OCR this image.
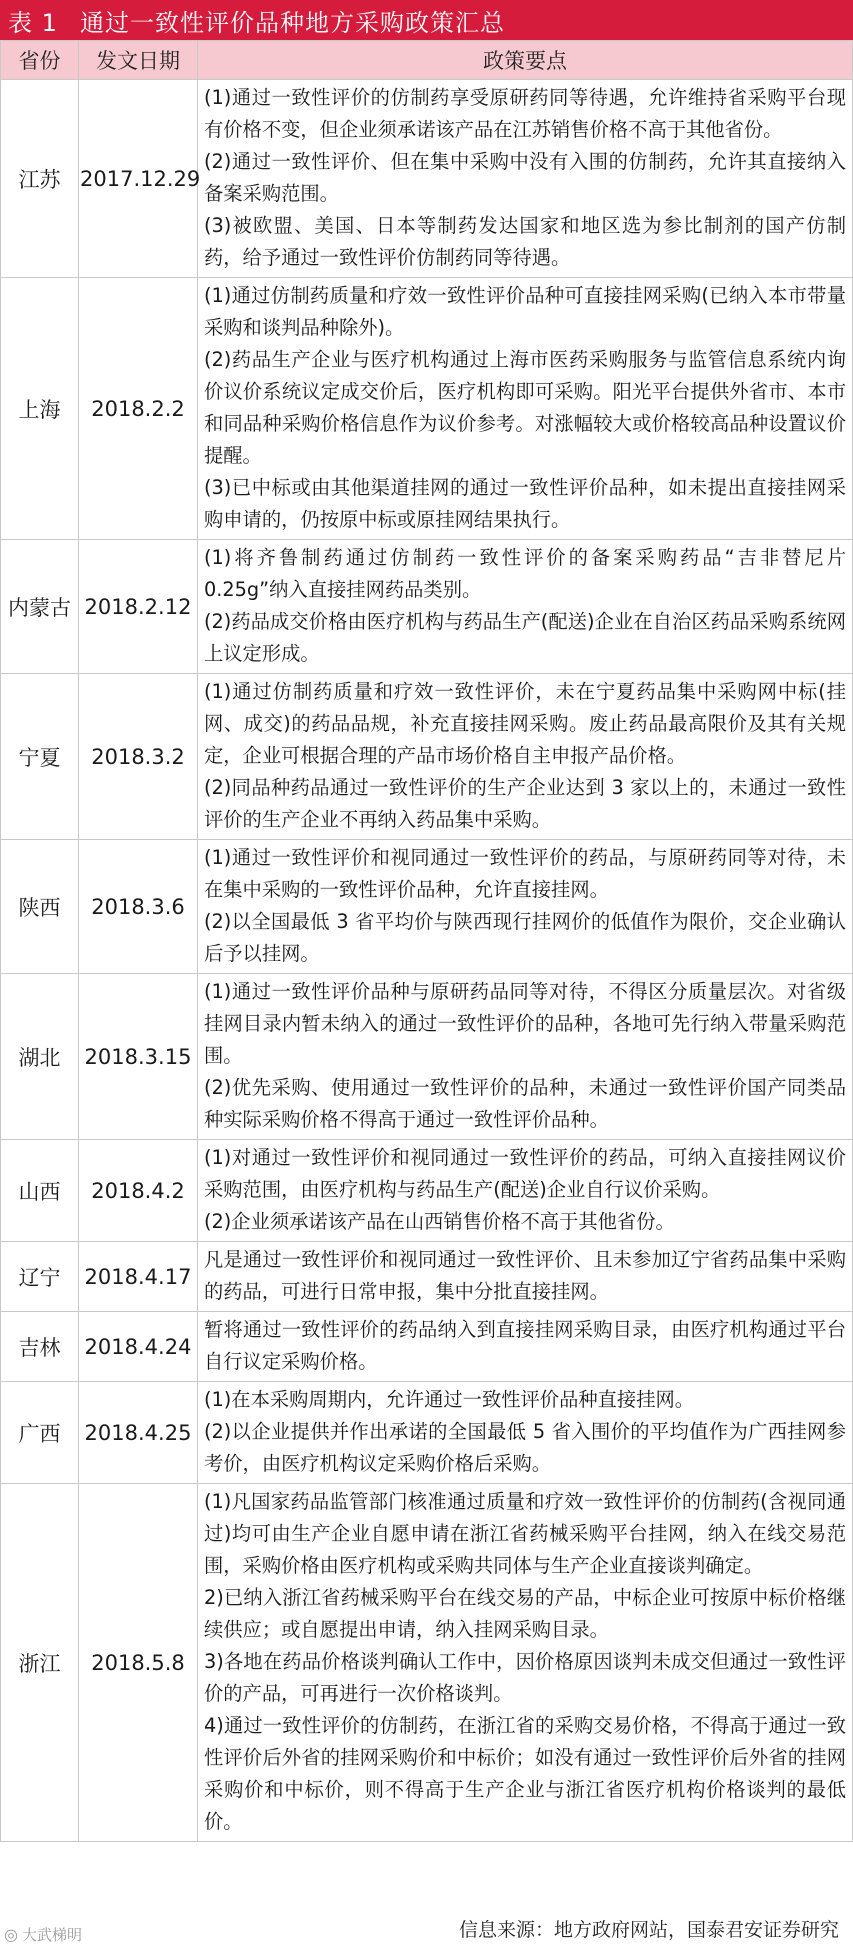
表 1 通过一致性评价品种地方采购政策汇总
省份	发文日期	政策要点
江苏	2017.12.29	(1)通过一致性评价的仿制药享受原研药同等待遇，允许维持省采购平台现有价格不变，但企业须承诺该产品在江苏销售价格不高于其他省份。

(2)通过一致性评价、但在集中采购中没有入围的仿制药，允许其直接纳入备案采购范围。

(3)被欧盟、美国、日本等制药发达国家和地区选为参比制剂的国产仿制药，给予通过一致性评价仿制药同等待遇。

上海	2018.2.2	(1)通过仿制药质量和疗效一致性评价品种可直接挂网采购(已纳入本市带量采购和谈判品种除外)。

(2)药品生产企业与医疗机构通过上海市医药采购服务与监管信息系统内询价议价系统议定成交价后，医疗机构即可采购。阳光平台提供外省市、本市和同品种采购价格信息作为议价参考。对涨幅较大或价格较高品种设置议价提醒。

(3)已中标或由其他渠道挂网的通过一致性评价品种，如未提出直接挂网采购申请的，仍按原中标或原挂网结果执行。

内蒙古	2018.2.12	(1)将齐鲁制药通过仿制药一致性评价的备案采购药品“吉非替尼片0.25g”纳入直接挂网药品类别。

(2)药品成交价格由医疗机构与药品生产(配送)企业在自治区药品采购系统网上议定形成。

宁夏	2018.3.2	(1)通过仿制药质量和疗效一致性评价，未在宁夏药品集中采购网中标(挂网、成交)的药品品规，补充直接挂网采购。废止药品最高限价及其有关规定，企业可根据合理的产品市场价格自主申报产品价格。

(2)同品种药品通过一致性评价的生产企业达到 3 家以上的，未通过一致性评价的生产企业不再纳入药品集中采购。

陕西	2018.3.6	(1)通过一致性评价和视同通过一致性评价的药品，与原研药同等对待，未在集中采购的一致性评价品种，允许直接挂网。

(2)以全国最低 3 省平均价与陕西现行挂网价的低值作为限价，交企业确认后予以挂网。

湖北	2018.3.15	(1)通过一致性评价品种与原研药品同等对待，不得区分质量层次。对省级挂网目录内暂未纳入的通过一致性评价的品种，各地可先行纳入带量采购范围。

(2)优先采购、使用通过一致性评价的品种，未通过一致性评价国产同类品种实际采购价格不得高于通过一致性评价品种。

山西	2018.4.2	(1)对通过一致性评价和视同通过一致性评价的药品，可纳入直接挂网议价采购范围，由医疗机构与药品生产(配送)企业自行议价采购。

(2)企业须承诺该产品在山西销售价格不高于其他省份。

辽宁	2018.4.17	凡是通过一致性评价和视同通过一致性评价、且未参加辽宁省药品集中采购的药品，可进行日常申报，集中分批直接挂网。

吉林	2018.4.24	暂将通过一致性评价的药品纳入到直接挂网采购目录，由医疗机构通过平台自行议定采购价格。

广西	2018.4.25	(1)在本采购周期内，允许通过一致性评价品种直接挂网。

(2)以企业提供并作出承诺的全国最低 5 省入围价的平均值作为广西挂网参考价，由医疗机构议定采购价格后采购。

浙江	2018.5.8	(1)凡国家药品监管部门核准通过质量和疗效一致性评价的仿制药(含视同通过)均可由生产企业自愿申请在浙江省药械采购平台挂网，纳入在线交易范围，采购价格由医疗机构或采购共同体与生产企业直接谈判确定。

2)已纳入浙江省药械采购平台在线交易的产品，中标企业可按原中标价格继续供应；或自愿提出申请，纳入挂网采购目录。

3)各地在药品价格谈判确认工作中，因价格原因谈判未成交但通过一致性评价的产品，可再进行一次价格谈判。

4)通过一致性评价的仿制药，在浙江省的采购交易价格，不得高于通过一致性评价后外省的挂网采购价和中标价；如没有通过一致性评价后外省的挂网采购价和中标价，则不得高于生产企业与浙江省医疗机构价格谈判的最低价。

信息来源：地方政府网站，国泰君安证券研究
◎ 大武梯明
